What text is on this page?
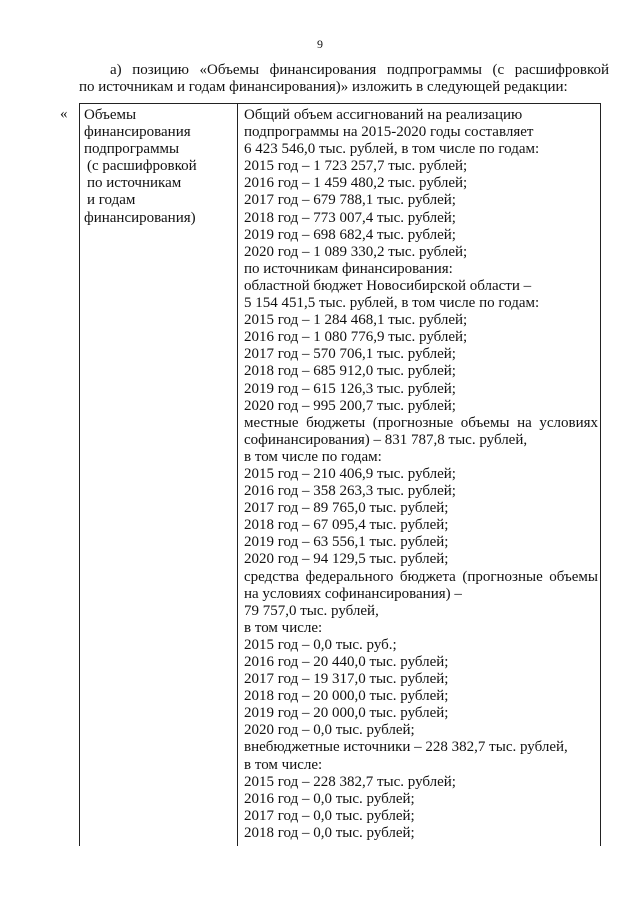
9
а) позицию «Объемы финансирования подпрограммы (с расшифровкой
по источникам и годам финансирования)» изложить в следующей редакции:
« Объемы
финансирования
подпрограммы
(с расшифровкой
по источникам
и годам
финансирования)
Общий объем ассигнований на реализацию
подпрограммы на 2015-2020 годы составляет
6 423 546,0 тыс. рублей, в том числе по годам:
2015 год – 1 723 257,7 тыс. рублей;
2016 год – 1 459 480,2 тыс. рублей;
2017 год – 679 788,1 тыс. рублей;
2018 год – 773 007,4 тыс. рублей;
2019 год – 698 682,4 тыс. рублей;
2020 год – 1 089 330,2 тыс. рублей;
по источникам финансирования:
областной бюджет Новосибирской области –
5 154 451,5 тыс. рублей, в том числе по годам:
2015 год – 1 284 468,1 тыс. рублей;
2016 год – 1 080 776,9 тыс. рублей;
2017 год – 570 706,1 тыс. рублей;
2018 год – 685 912,0 тыс. рублей;
2019 год – 615 126,3 тыс. рублей;
2020 год – 995 200,7 тыс. рублей;
местные бюджеты (прогнозные объемы на условиях
софинансирования) – 831 787,8 тыс. рублей,
в том числе по годам:
2015 год – 210 406,9 тыс. рублей;
2016 год – 358 263,3 тыс. рублей;
2017 год – 89 765,0 тыс. рублей;
2018 год – 67 095,4 тыс. рублей;
2019 год – 63 556,1 тыс. рублей;
2020 год – 94 129,5 тыс. рублей;
средства федерального бюджета (прогнозные объемы
на условиях софинансирования) –
79 757,0 тыс. рублей,
в том числе:
2015 год – 0,0 тыс. руб.;
2016 год – 20 440,0 тыс. рублей;
2017 год – 19 317,0 тыс. рублей;
2018 год – 20 000,0 тыс. рублей;
2019 год – 20 000,0 тыс. рублей;
2020 год – 0,0 тыс. рублей;
внебюджетные источники – 228 382,7 тыс. рублей,
в том числе:
2015 год – 228 382,7 тыс. рублей;
2016 год – 0,0 тыс. рублей;
2017 год – 0,0 тыс. рублей;
2018 год – 0,0 тыс. рублей;
